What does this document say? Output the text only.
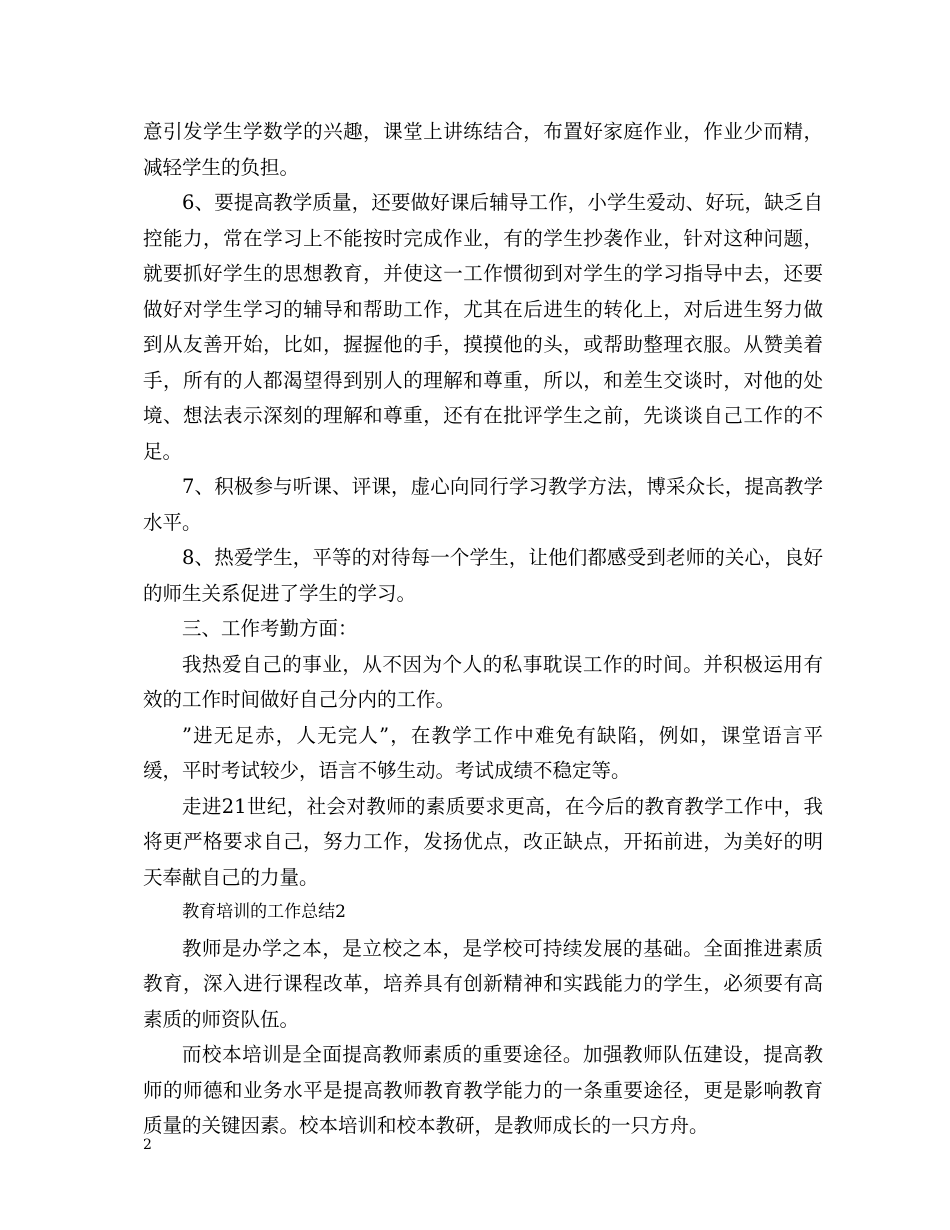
意引发学生学数学的兴趣，课堂上讲练结合，布置好家庭作业，作业少而精，减轻学生的负担。

6、要提高教学质量，还要做好课后辅导工作，小学生爱动、好玩，缺乏自控能力，常在学习上不能按时完成作业，有的学生抄袭作业，针对这种问题，就要抓好学生的思想教育，并使这一工作惯彻到对学生的学习指导中去，还要做好对学生学习的辅导和帮助工作，尤其在后进生的转化上，对后进生努力做到从友善开始，比如，握握他的手，摸摸他的头，或帮助整理衣服。从赞美着手，所有的人都渴望得到别人的理解和尊重，所以，和差生交谈时，对他的处境、想法表示深刻的理解和尊重，还有在批评学生之前，先谈谈自己工作的不足。

7、积极参与听课、评课，虚心向同行学习教学方法，博采众长，提高教学水平。

8、热爱学生，平等的对待每一个学生，让他们都感受到老师的关心，良好的师生关系促进了学生的学习。

三、工作考勤方面：

我热爱自己的事业，从不因为个人的私事耽误工作的时间。并积极运用有效的工作时间做好自己分内的工作。

”进无足赤，人无完人”，在教学工作中难免有缺陷，例如，课堂语言平缓，平时考试较少，语言不够生动。考试成绩不稳定等。

走进21世纪，社会对教师的素质要求更高，在今后的教育教学工作中，我将更严格要求自己，努力工作，发扬优点，改正缺点，开拓前进，为美好的明天奉献自己的力量。

教育培训的工作总结2

教师是办学之本，是立校之本，是学校可持续发展的基础。全面推进素质教育，深入进行课程改革，培养具有创新精神和实践能力的学生，必须要有高素质的师资队伍。

而校本培训是全面提高教师素质的重要途径。加强教师队伍建设，提高教师的师德和业务水平是提高教师教育教学能力的一条重要途径，更是影响教育质量的关键因素。校本培训和校本教研，是教师成长的一只方舟。

2
